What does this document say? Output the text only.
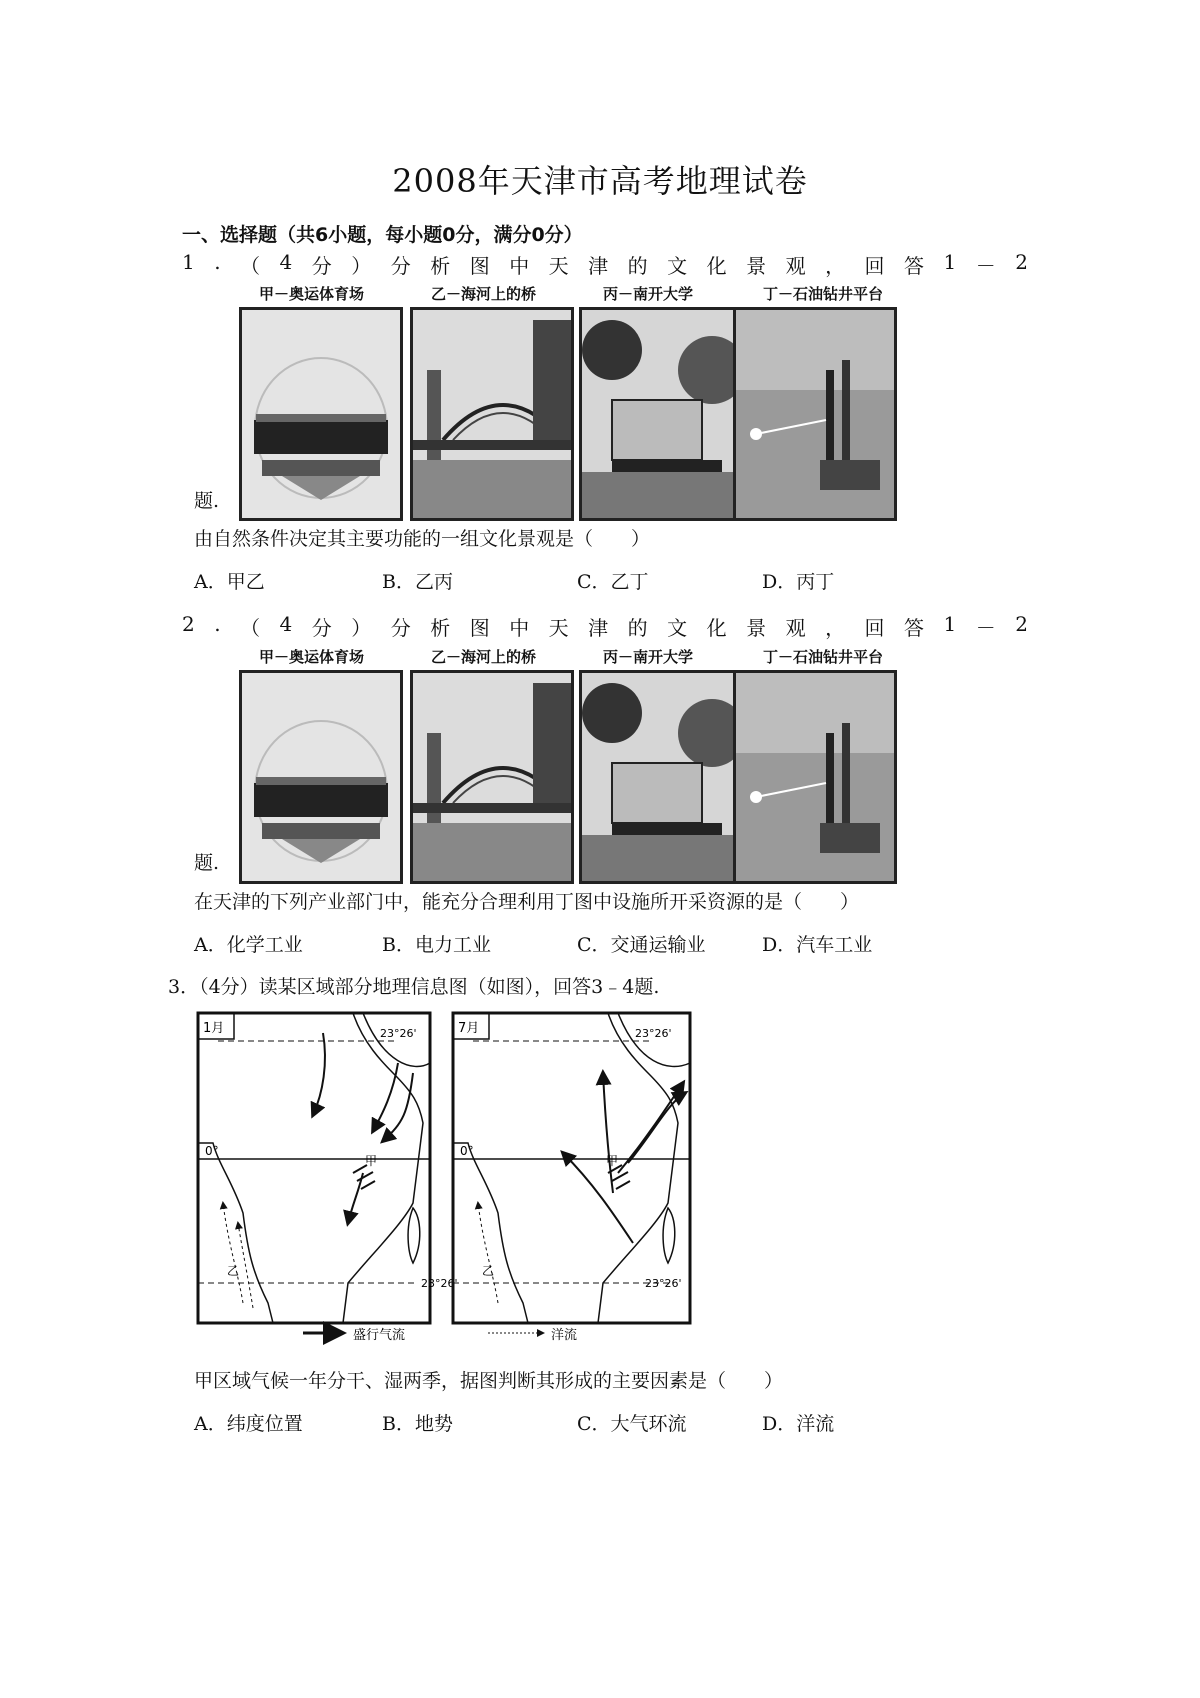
2008年天津市高考地理试卷
一、选择题（共6小题，每小题0分，满分0分）
1 . （ 4 分 ） 分 析 图 中 天 津 的 文 化 景 观 ， 回 答 1 － 2
甲－奥运体育场	乙－海河上的桥	丙－南开大学	丁－石油钻井平台
题.
由自然条件决定其主要功能的一组文化景观是（　　）
A．甲乙	B．乙丙	C．乙丁	D．丙丁
2 . （ 4 分 ） 分 析 图 中 天 津 的 文 化 景 观 ， 回 答 1 － 2
甲－奥运体育场	乙－海河上的桥	丙－南开大学	丁－石油钻井平台
题.
在天津的下列产业部门中，能充分合理利用丁图中设施所开采资源的是（　　）
A．化学工业	B．电力工业	C．交通运输业	D．汽车工业
3．（4分）读某区域部分地理信息图（如图），回答3﹣4题.
1月	23°26'
0°
23°26'
甲
乙
7月	23°26'
0°
23°26'
甲
乙
盛行气流	洋流
甲区域气候一年分干、湿两季，据图判断其形成的主要因素是（　　）
A．纬度位置	B．地势	C．大气环流	D．洋流
